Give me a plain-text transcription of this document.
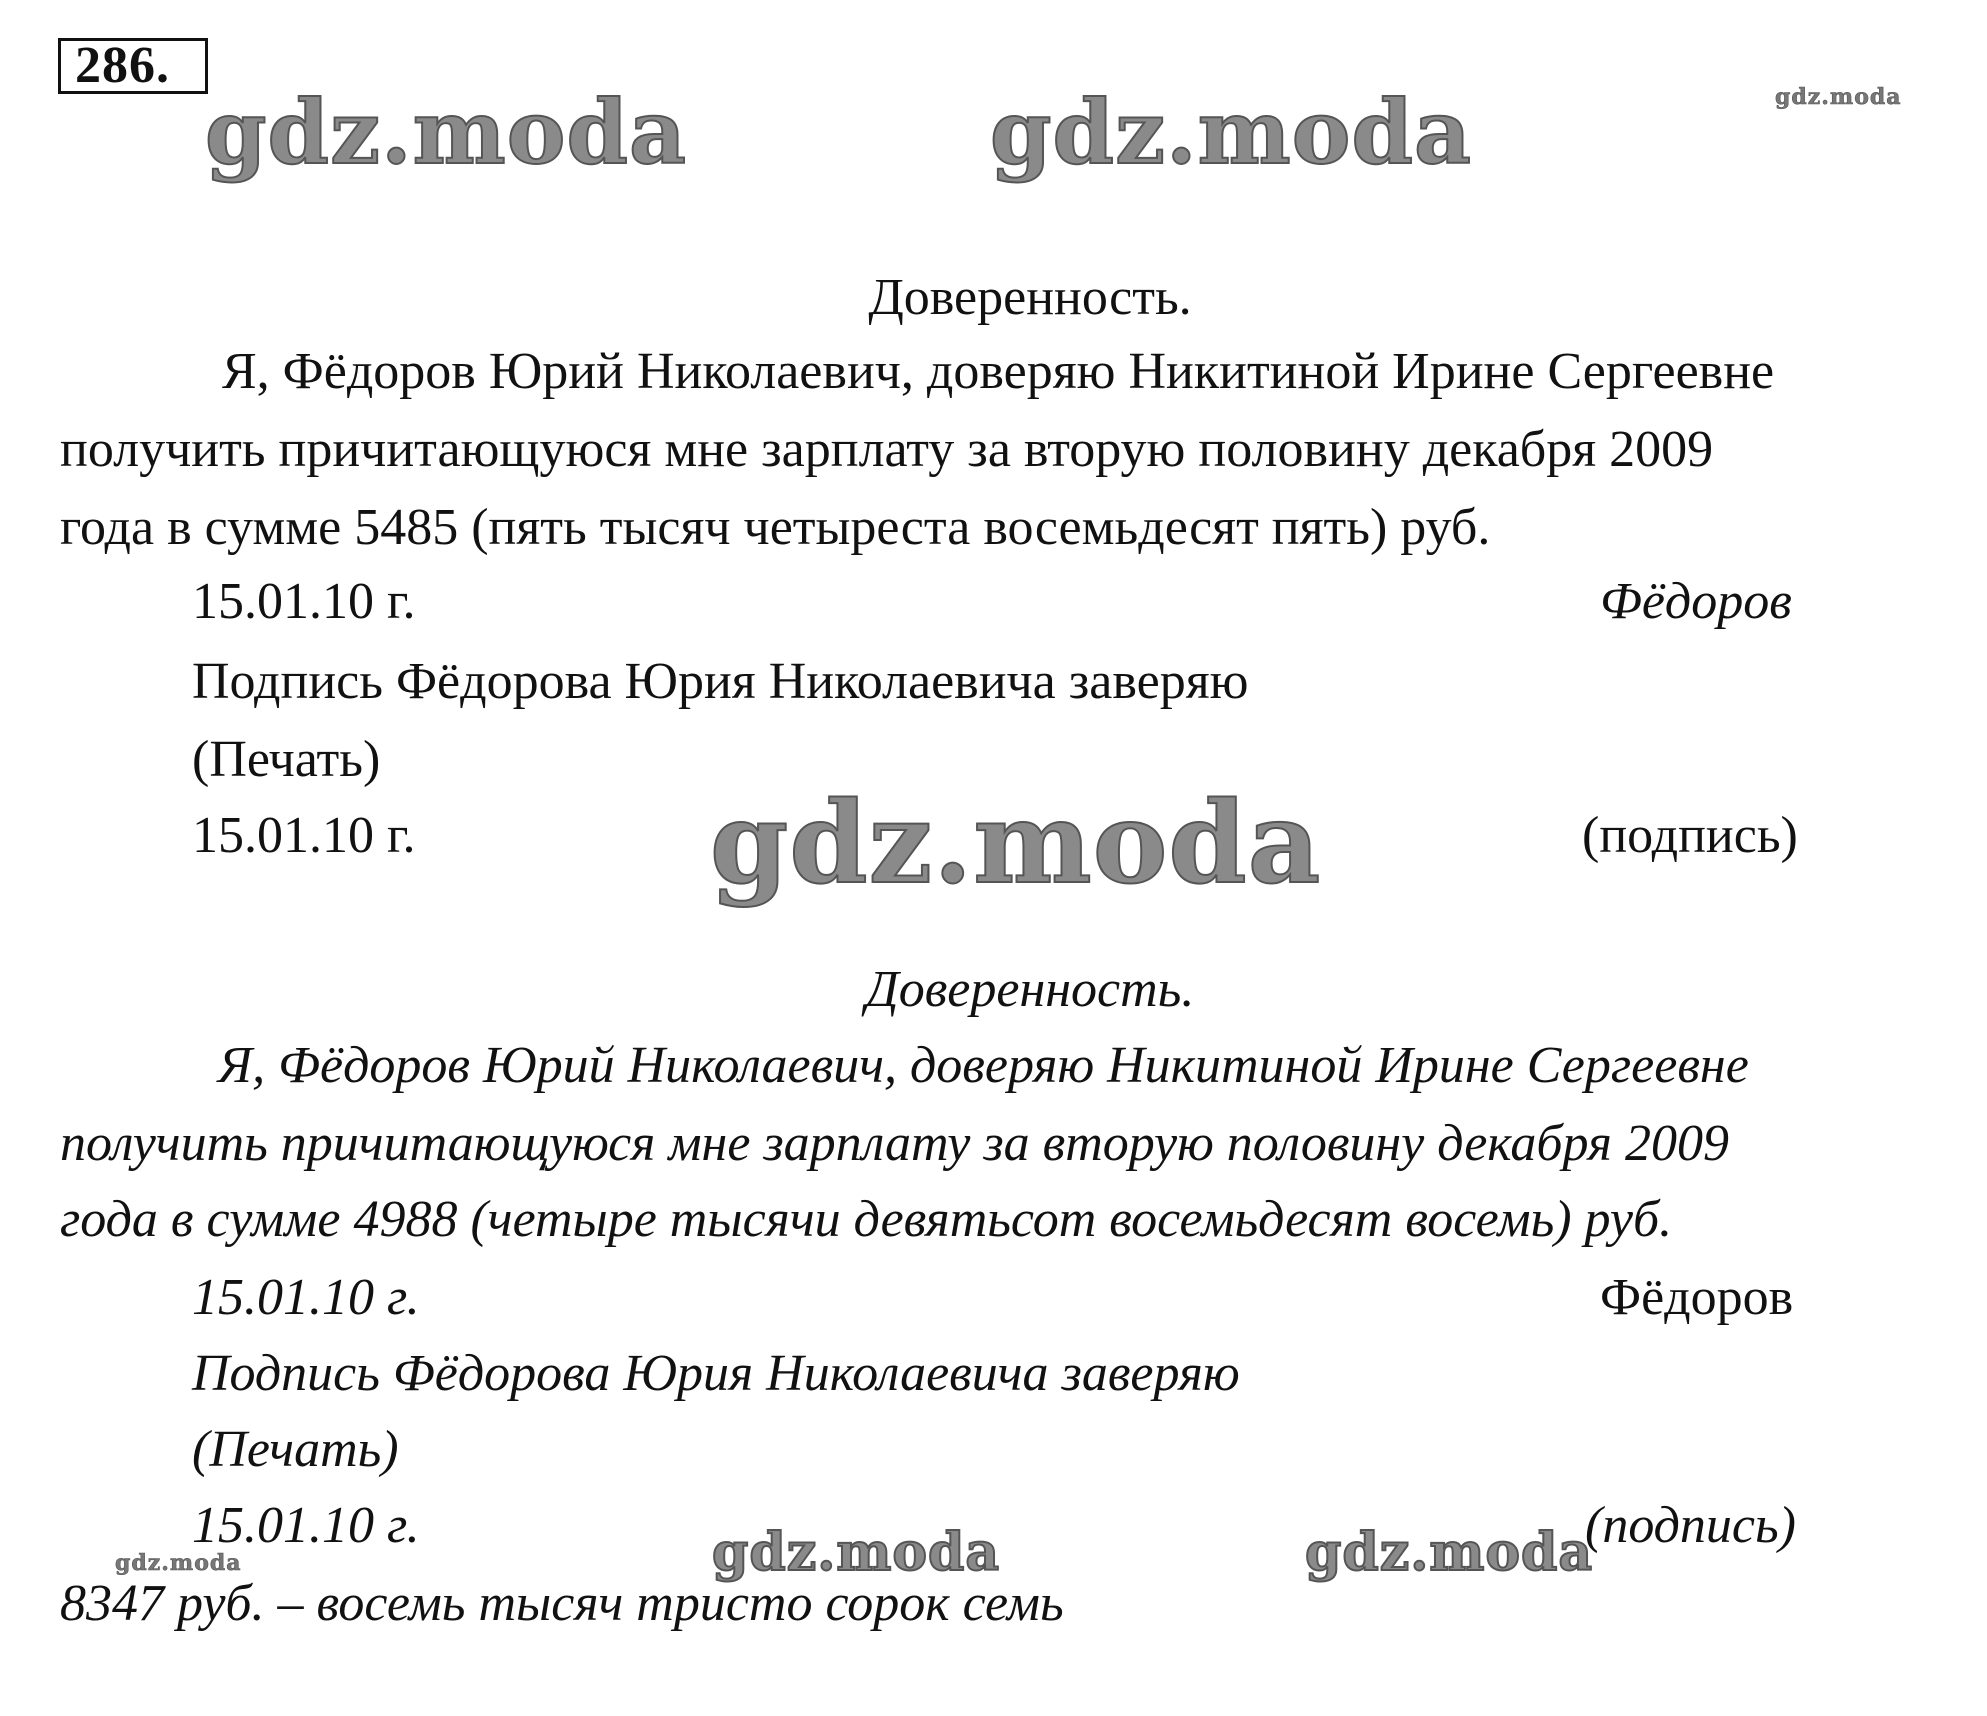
286.
gdz.moda	gdz.moda	gdz.moda
gdz.moda
gdz.moda	gdz.moda	gdz.moda
Доверенность.
Я, Фёдоров Юрий Николаевич, доверяю Никитиной Ирине Сергеевне
получить причитающуюся мне зарплату за вторую половину декабря 2009
года в сумме 5485 (пять тысяч четыреста восемьдесят пять) руб.
15.01.10 г.	Фёдоров
Подпись Фёдорова Юрия Николаевича заверяю
(Печать)
15.01.10 г.	(подпись)
Доверенность.
Я, Фёдоров Юрий Николаевич, доверяю Никитиной Ирине Сергеевне
получить причитающуюся мне зарплату за вторую половину декабря 2009
года в сумме 4988 (четыре тысячи девятьсот восемьдесят восемь) руб.
15.01.10 г.	Фёдоров
Подпись Фёдорова Юрия Николаевича заверяю
(Печать)
15.01.10 г.	(подпись)
8347 руб. – восемь тысяч тристо сорок семь
